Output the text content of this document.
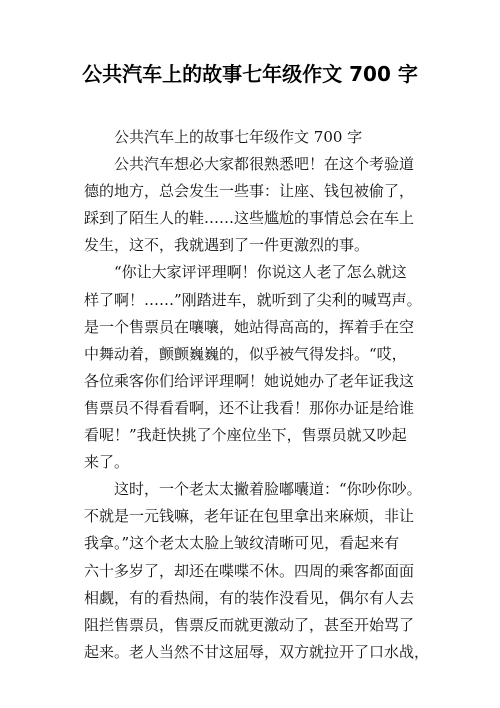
公共汽车上的故事七年级作文 700 字
公共汽车上的故事七年级作文 700 字
公共汽车想必大家都很熟悉吧！在这个考验道
德的地方，总会发生一些事：让座、钱包被偷了，
踩到了陌生人的鞋……这些尴尬的事情总会在车上
发生，这不，我就遇到了一件更激烈的事。
“你让大家评评理啊！你说这人老了怎么就这
样了啊！……”刚踏进车，就听到了尖利的喊骂声。
是一个售票员在嚷嚷，她站得高高的，挥着手在空
中舞动着，颤颤巍巍的，似乎被气得发抖。“哎，
各位乘客你们给评评理啊！她说她办了老年证我这
售票员不得看看啊，还不让我看！那你办证是给谁
看呢！”我赶快挑了个座位坐下，售票员就又吵起
来了。
这时，一个老太太撇着脸嘟囔道：“你吵你吵。
不就是一元钱嘛，老年证在包里拿出来麻烦，非让
我拿。”这个老太太脸上皱纹清晰可见，看起来有
六十多岁了，却还在喋喋不休。四周的乘客都面面
相觑，有的看热闹，有的装作没看见，偶尔有人去
阻拦售票员，售票反而就更激动了，甚至开始骂了
起来。老人当然不甘这屈辱，双方就拉开了口水战，
